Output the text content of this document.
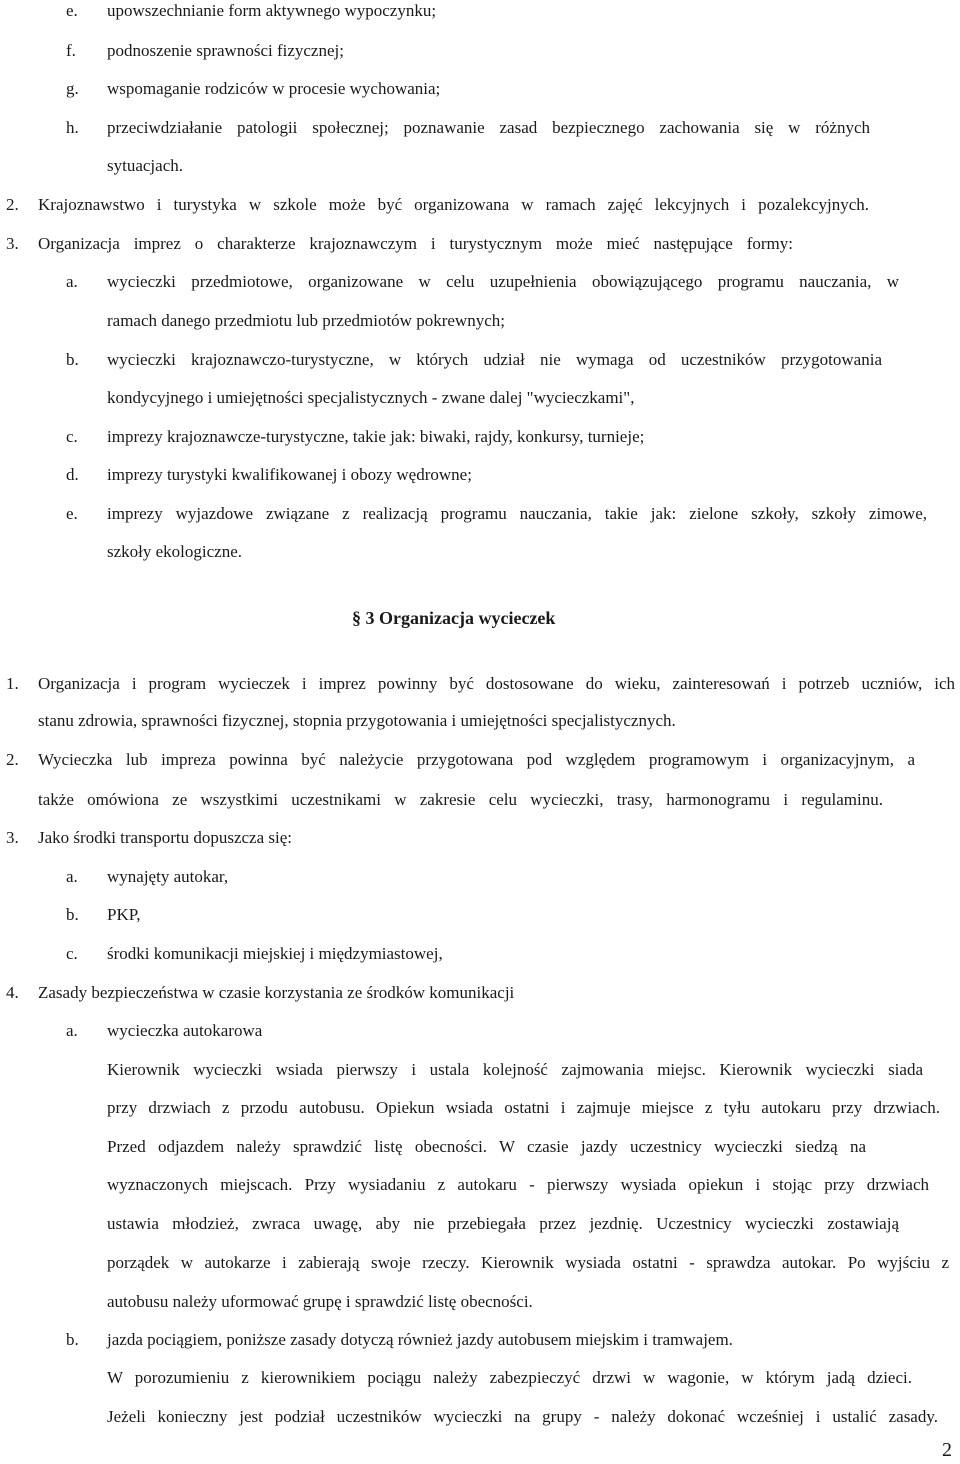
e. upowszechnianie form aktywnego wypoczynku;
f. podnoszenie sprawności fizycznej;
g. wspomaganie rodziców w procesie wychowania;
h. przeciwdziałanie patologii społecznej; poznawanie zasad bezpiecznego zachowania się w różnych
sytuacjach.
2. Krajoznawstwo i turystyka w szkole może być organizowana w ramach zajęć lekcyjnych i pozalekcyjnych.
3. Organizacja imprez o charakterze krajoznawczym i turystycznym może mieć następujące formy:
a. wycieczki przedmiotowe, organizowane w celu uzupełnienia obowiązującego programu nauczania, w
ramach danego przedmiotu lub przedmiotów pokrewnych;
b. wycieczki krajoznawczo-turystyczne, w których udział nie wymaga od uczestników przygotowania
kondycyjnego i umiejętności specjalistycznych - zwane dalej "wycieczkami",
c. imprezy krajoznawcze-turystyczne, takie jak: biwaki, rajdy, konkursy, turnieje;
d. imprezy turystyki kwalifikowanej i obozy wędrowne;
e. imprezy wyjazdowe związane z realizacją programu nauczania, takie jak: zielone szkoły, szkoły zimowe,
szkoły ekologiczne.
§ 3 Organizacja wycieczek
1. Organizacja i program wycieczek i imprez powinny być dostosowane do wieku, zainteresowań i potrzeb uczniów, ich
stanu zdrowia, sprawności fizycznej, stopnia przygotowania i umiejętności specjalistycznych.
2. Wycieczka lub impreza powinna być należycie przygotowana pod względem programowym i organizacyjnym, a
także omówiona ze wszystkimi uczestnikami w zakresie celu wycieczki, trasy, harmonogramu i regulaminu.
3. Jako środki transportu dopuszcza się:
a. wynajęty autokar,
b. PKP,
c. środki komunikacji miejskiej i międzymiastowej,
4. Zasady bezpieczeństwa w czasie korzystania ze środków komunikacji
a. wycieczka autokarowa
Kierownik wycieczki wsiada pierwszy i ustala kolejność zajmowania miejsc. Kierownik wycieczki siada
przy drzwiach z przodu autobusu. Opiekun wsiada ostatni i zajmuje miejsce z tyłu autokaru przy drzwiach.
Przed odjazdem należy sprawdzić listę obecności. W czasie jazdy uczestnicy wycieczki siedzą na
wyznaczonych miejscach. Przy wysiadaniu z autokaru - pierwszy wysiada opiekun i stojąc przy drzwiach
ustawia młodzież, zwraca uwagę, aby nie przebiegała przez jezdnię. Uczestnicy wycieczki zostawiają
porządek w autokarze i zabierają swoje rzeczy. Kierownik wysiada ostatni - sprawdza autokar. Po wyjściu z
autobusu należy uformować grupę i sprawdzić listę obecności.
b. jazda pociągiem, poniższe zasady dotyczą również jazdy autobusem miejskim i tramwajem.
W porozumieniu z kierownikiem pociągu należy zabezpieczyć drzwi w wagonie, w którym jadą dzieci.
Jeżeli konieczny jest podział uczestników wycieczki na grupy - należy dokonać wcześniej i ustalić zasady.
2
